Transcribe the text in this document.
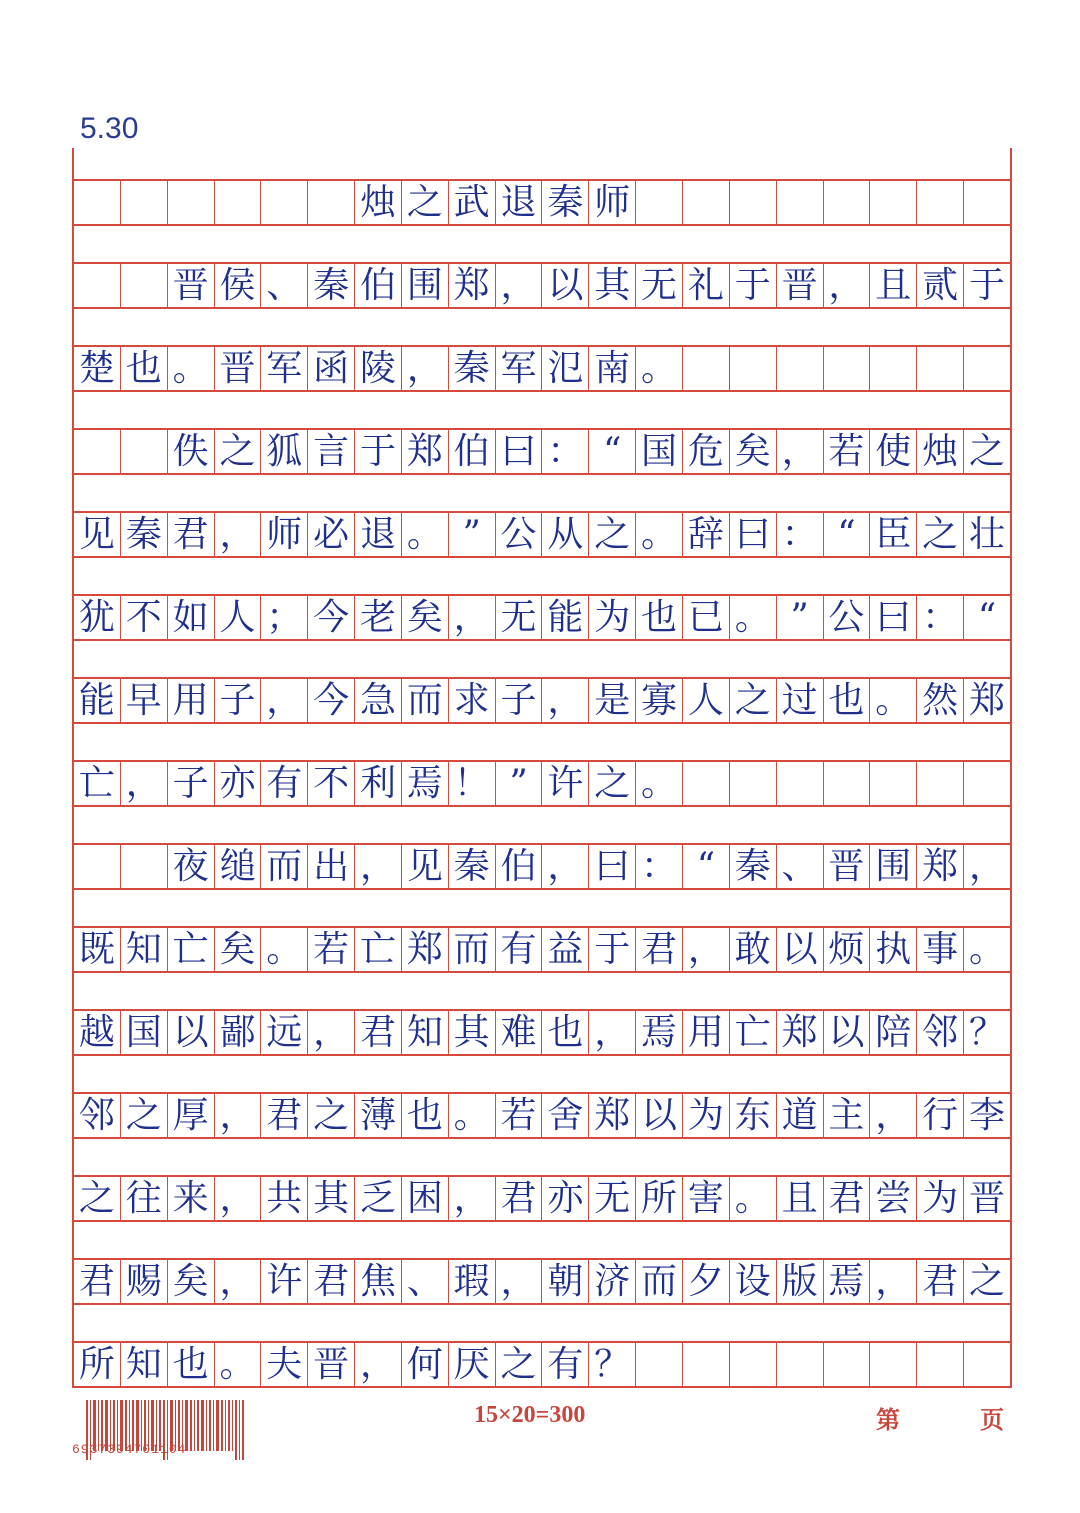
5.30
烛 之 武 退 秦 师
晋 侯 、 秦 伯 围 郑 ， 以 其 无 礼 于 晋 ， 且 贰 于
楚 也 。 晋 军 函 陵 ， 秦 军 氾 南 。
佚 之 狐 言 于 郑 伯 曰 ： “ 国 危 矣 ， 若 使 烛 之
见 秦 君 ， 师 必 退 。 ” 公 从 之 。 辞 曰 ： “ 臣 之 壮
犹 不 如 人 ； 今 老 矣 ， 无 能 为 也 已 。 ” 公 曰 ： “
能 早 用 子 ， 今 急 而 求 子 ， 是 寡 人 之 过 也 。 然 郑
亡 ， 子 亦 有 不 利 焉 ！ ” 许 之 。
夜 缒 而 出 ， 见 秦 伯 ， 曰 ： “ 秦 、 晋 围 郑 ，
既 知 亡 矣 。 若 亡 郑 而 有 益 于 君 ， 敢 以 烦 执 事 。
越 国 以 鄙 远 ， 君 知 其 难 也 ， 焉 用 亡 郑 以 陪 邻 ？
邻 之 厚 ， 君 之 薄 也 。 若 舍 郑 以 为 东 道 主 ， 行 李
之 往 来 ， 共 其 乏 困 ， 君 亦 无 所 害 。 且 君 尝 为 晋
君 赐 矣 ， 许 君 焦 、 瑕 ， 朝 济 而 夕 设 版 焉 ， 君 之
所 知 也 。 夫 晋 ， 何 厌 之 有 ？
6937394701104
15×20=300	第	页
